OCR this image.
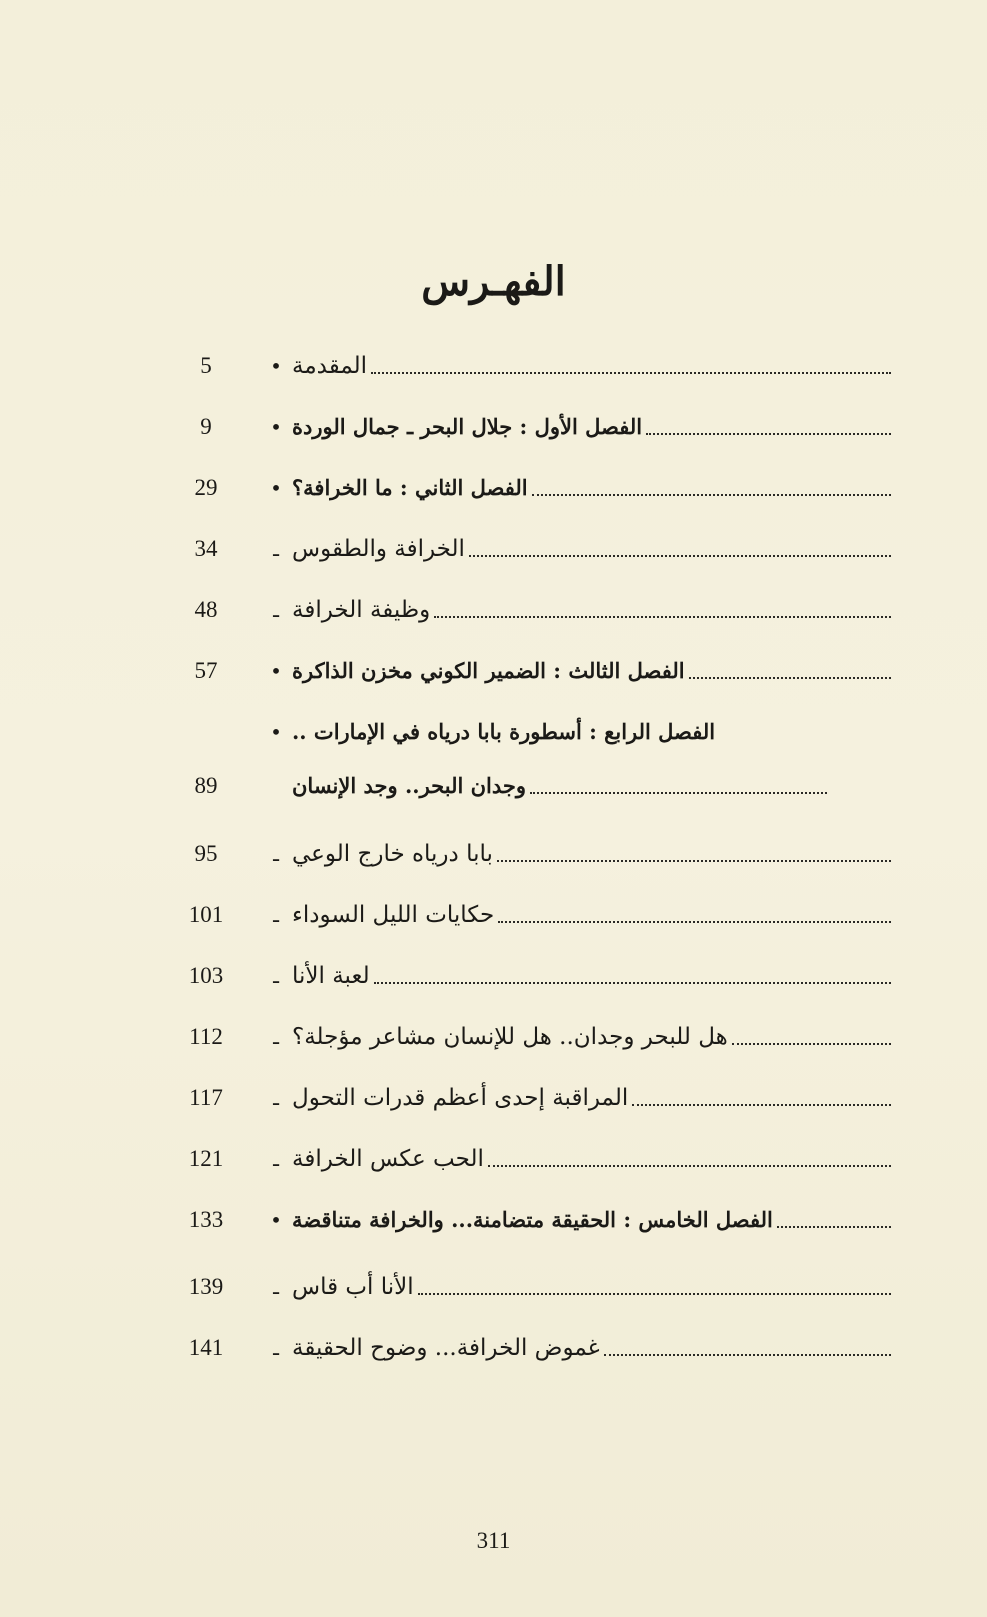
الفهـرس
5	• المقدمة
9	• الفصل الأول : جلال البحر ـ جمال الوردة
29	• الفصل الثاني : ما الخرافة؟
34	ـ الخرافة والطقوس
48	ـ وظيفة الخرافة
57	• الفصل الثالث : الضمير الكوني مخزن الذاكرة
• الفصل الرابع : أسطورة بابا درياه في الإمارات ..
89	وجدان البحر.. وجد الإنسان
95	ـ بابا درياه خارج الوعي
101	ـ حكايات الليل السوداء
103	ـ لعبة الأنا
112	ـ هل للبحر وجدان.. هل للإنسان مشاعر مؤجلة؟
117	ـ المراقبة إحدى أعظم قدرات التحول
121	ـ الحب عكس الخرافة
133	• الفصل الخامس : الحقيقة متضامنة... والخرافة متناقضة
139	ـ الأنا أب قاس
141	ـ غموض الخرافة... وضوح الحقيقة
311
